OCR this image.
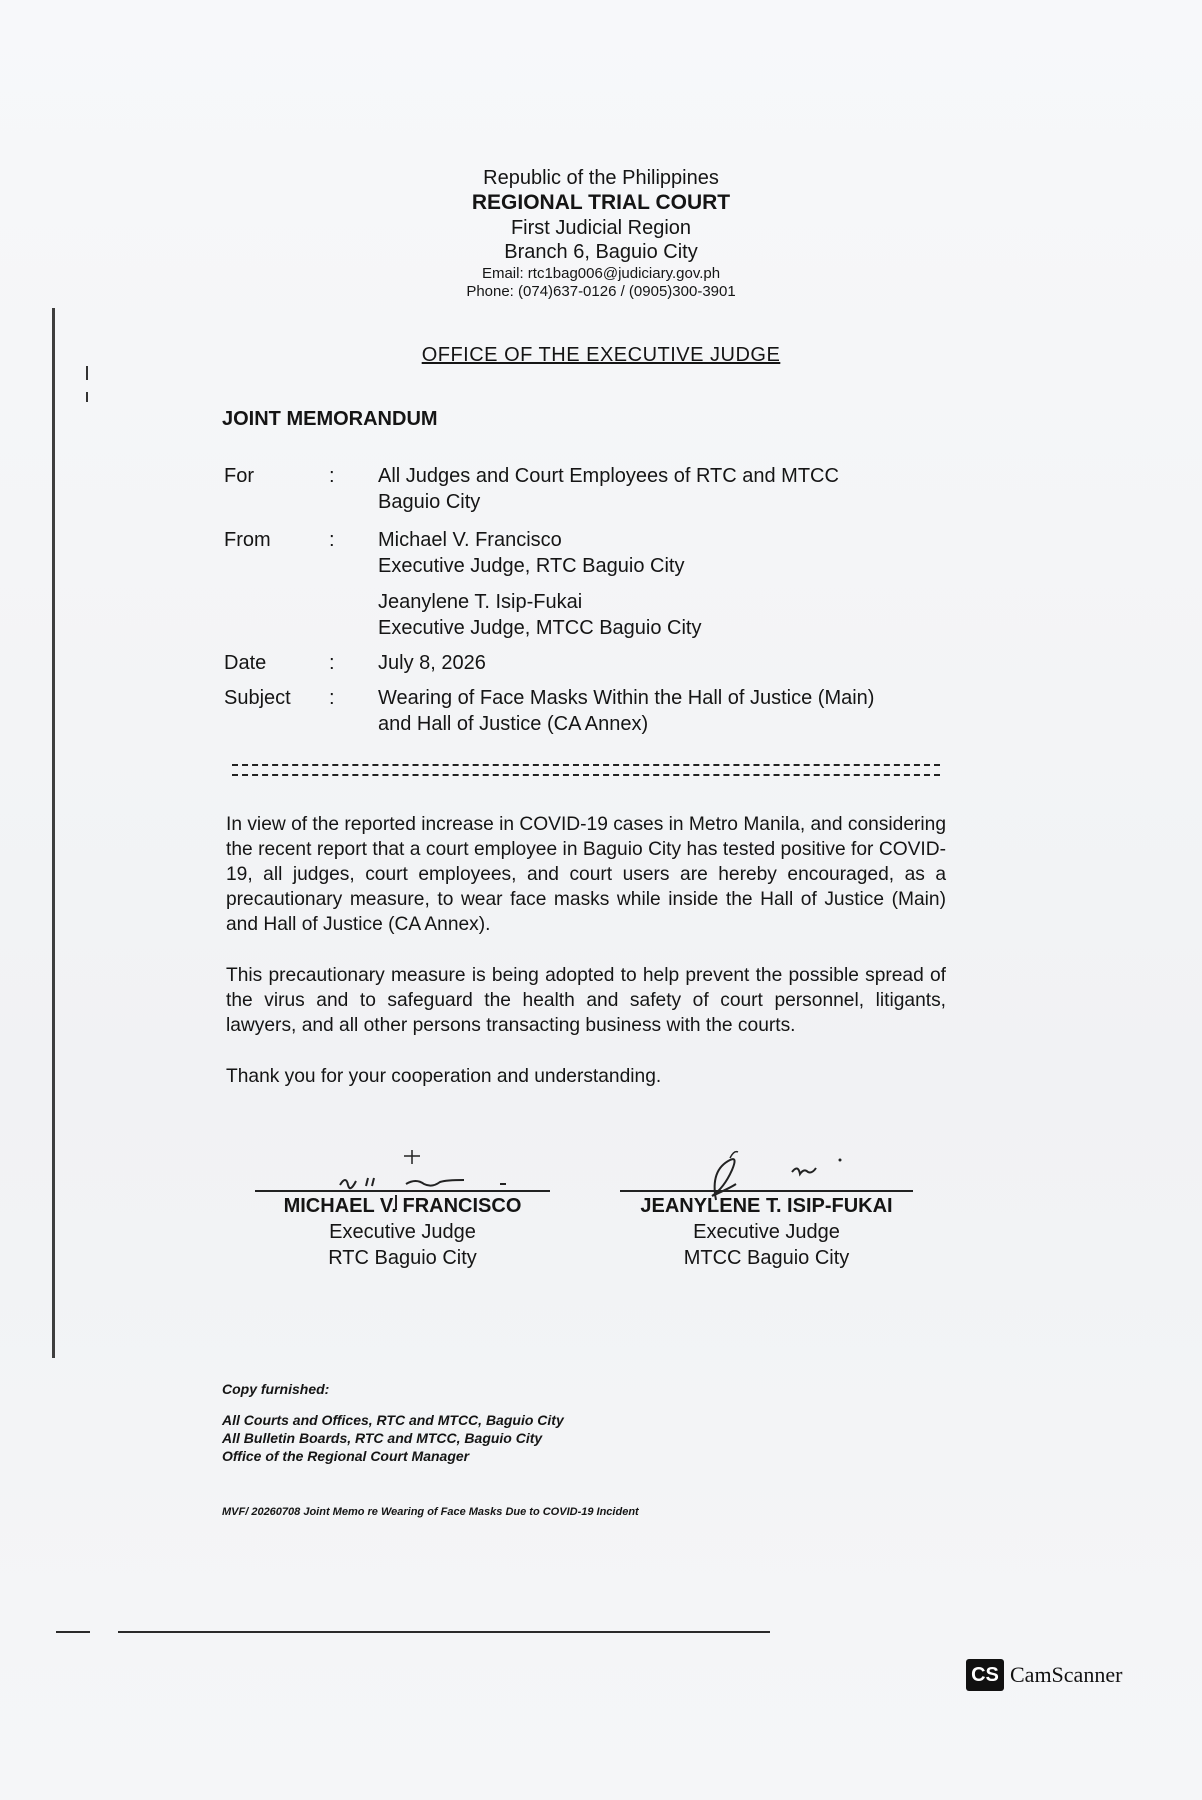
Republic of the Philippines
REGIONAL TRIAL COURT
First Judicial Region
Branch 6, Baguio City
Email: rtc1bag006@judiciary.gov.ph
Phone: (074)637-0126 / (0905)300-3901
OFFICE OF THE EXECUTIVE JUDGE
JOINT MEMORANDUM
For	:	All Judges and Court Employees of RTC and MTCC
Baguio City
From	:	Michael V. Francisco
Executive Judge, RTC Baguio City
Jeanylene T. Isip-Fukai
Executive Judge, MTCC Baguio City
Date	:	July 8, 2026
Subject	:	Wearing of Face Masks Within the Hall of Justice (Main)
and Hall of Justice (CA Annex)
In view of the reported increase in COVID-19 cases in Metro Manila, and considering the recent report that a court employee in Baguio City has tested positive for COVID-19, all judges, court employees, and court users are hereby encouraged, as a precautionary measure, to wear face masks while inside the Hall of Justice (Main) and Hall of Justice (CA Annex).
This precautionary measure is being adopted to help prevent the possible spread of the virus and to safeguard the health and safety of court personnel, litigants, lawyers, and all other persons transacting business with the courts.
Thank you for your cooperation and understanding.
MICHAEL V. FRANCISCO
Executive Judge
RTC Baguio City
JEANYLENE T. ISIP-FUKAI
Executive Judge
MTCC Baguio City
Copy furnished:
All Courts and Offices, RTC and MTCC, Baguio City
All Bulletin Boards, RTC and MTCC, Baguio City
Office of the Regional Court Manager
MVF/ 20260708 Joint Memo re Wearing of Face Masks Due to COVID-19 Incident
CS CamScanner
